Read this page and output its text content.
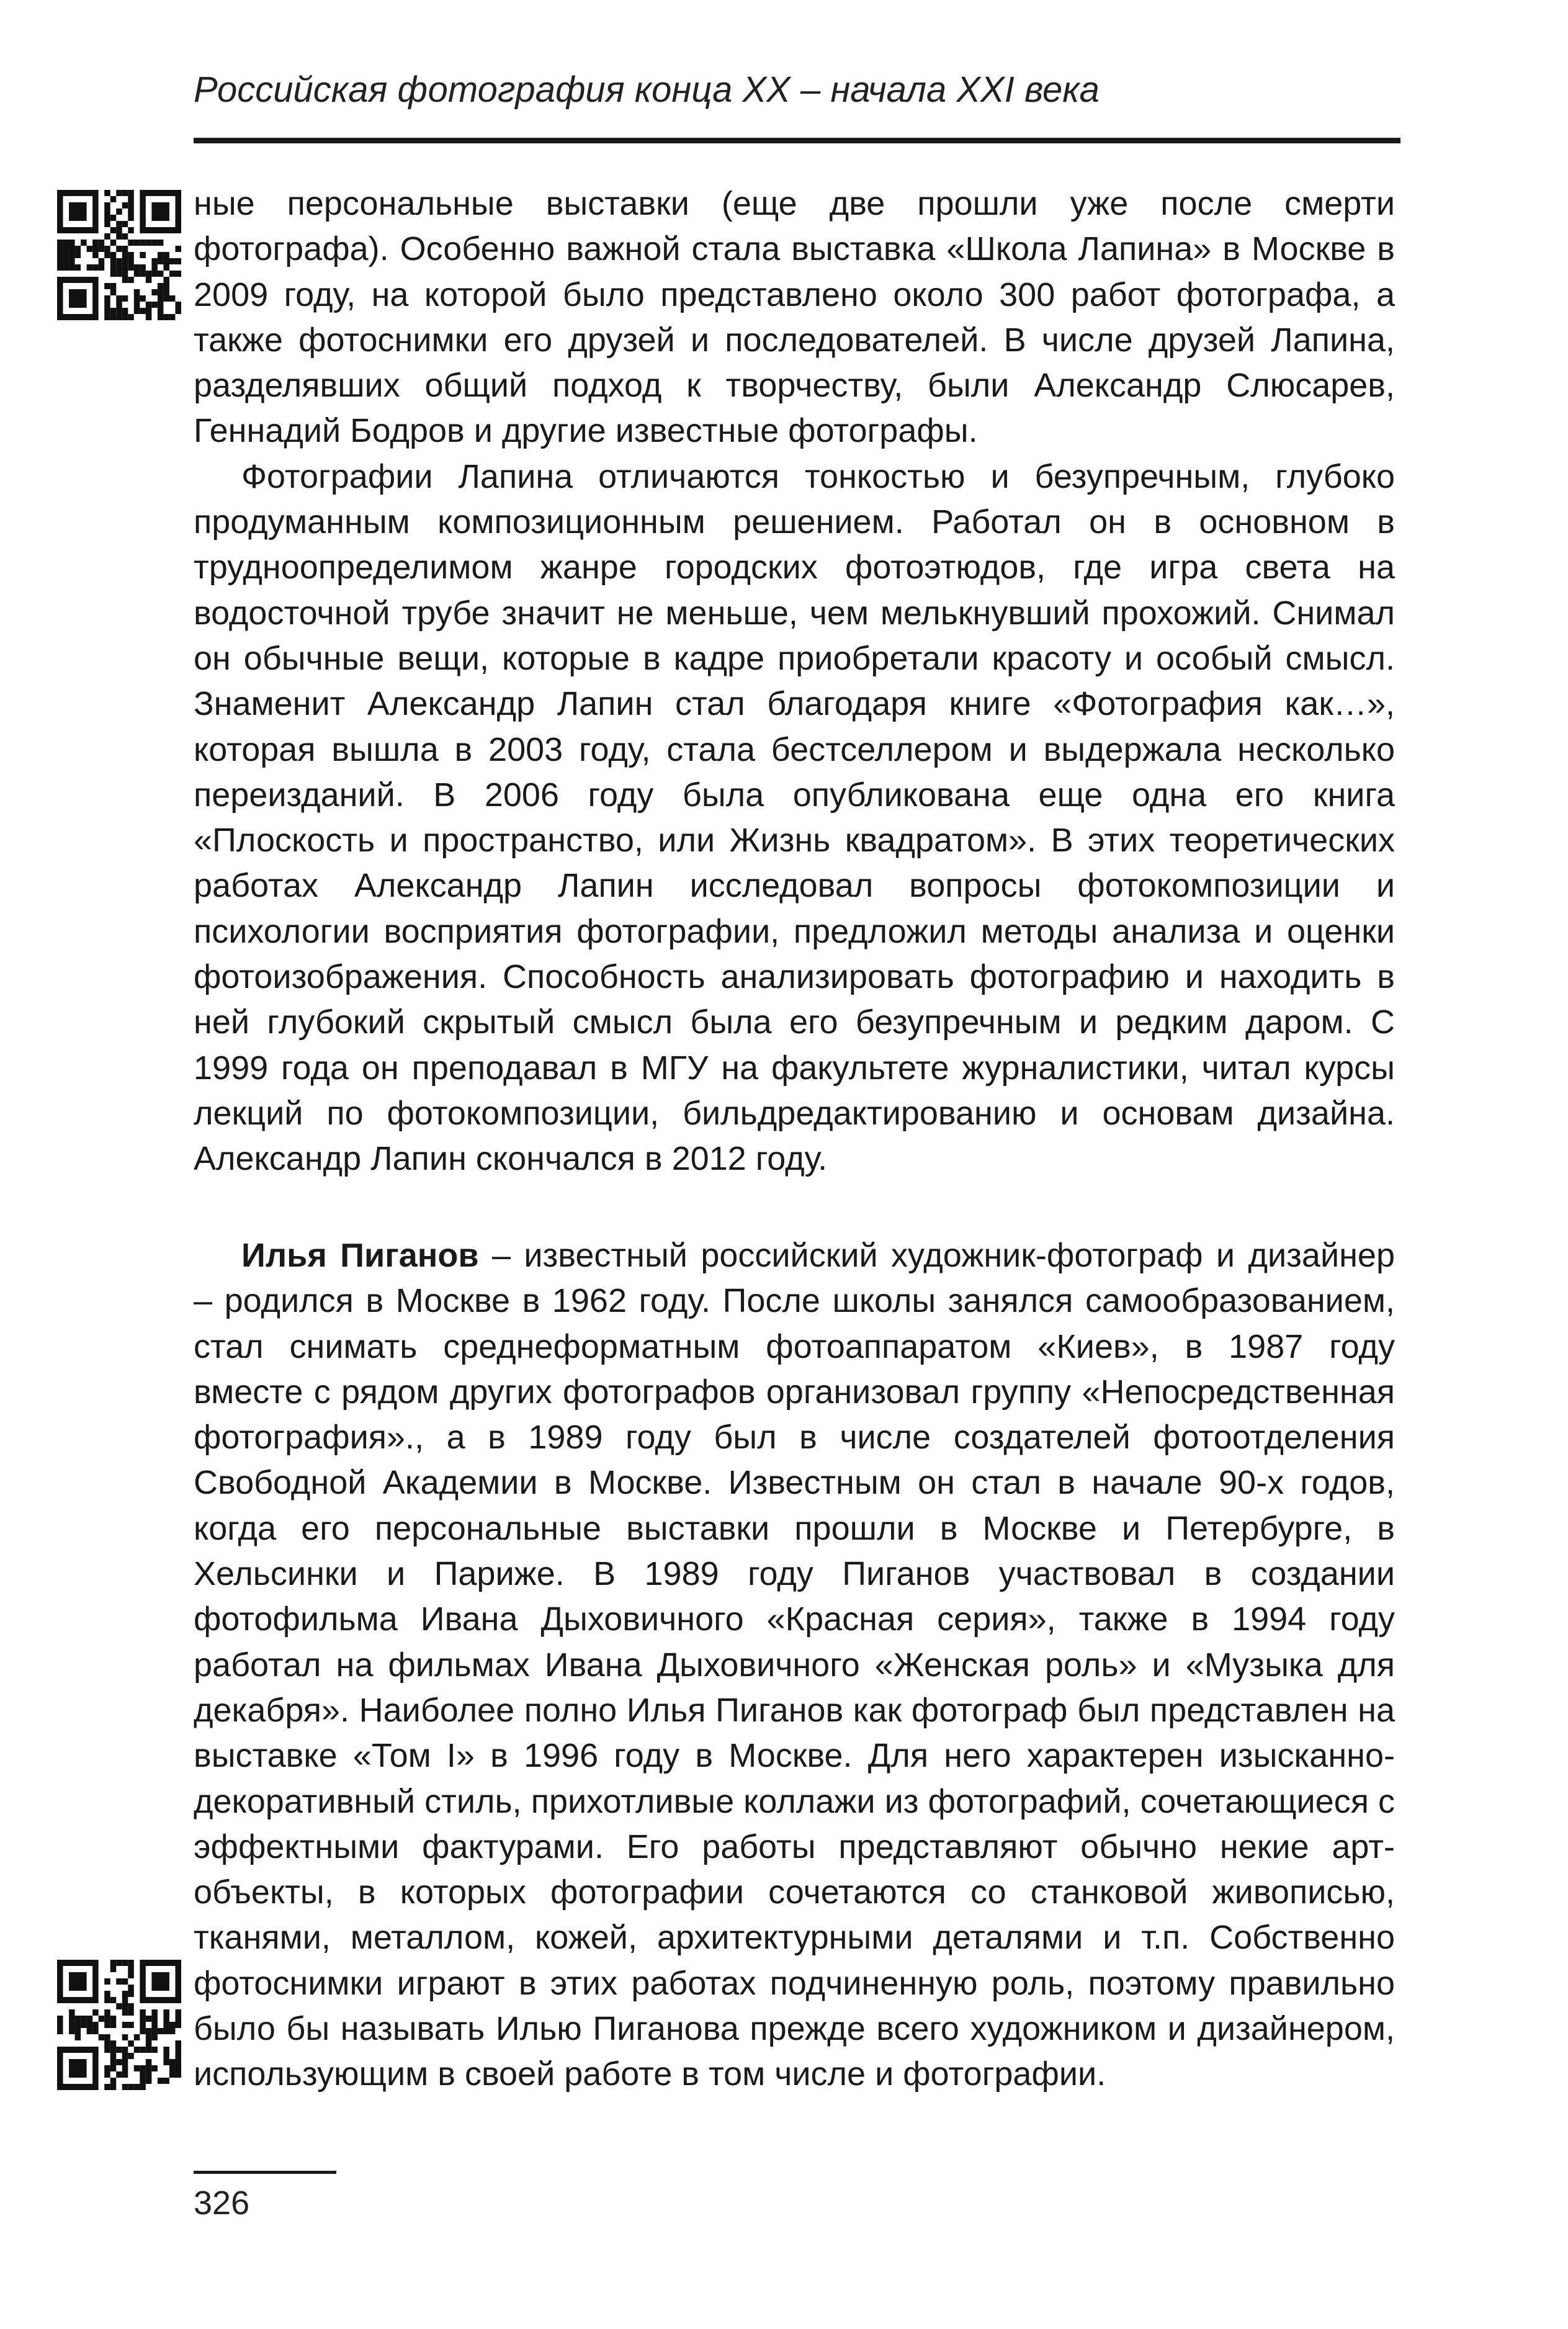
Российская фотография конца XX – начала XXI века

ные персональные выставки (еще две прошли уже после смерти фотографа). Особенно важной стала выставка «Школа Лапина» в Москве в 2009 году, на которой было представлено около 300 работ фотографа, а также фотоснимки его друзей и последователей. В числе друзей Лапина, разделявших общий подход к творчеству, были Александр Слюсарев, Геннадий Бодров и другие известные фотографы.

Фотографии Лапина отличаются тонкостью и безупречным, глубоко продуманным композиционным решением. Работал он в основном в трудноопределимом жанре городских фотоэтюдов, где игра света на водосточной трубе значит не меньше, чем мелькнувший прохожий. Снимал он обычные вещи, которые в кадре приобретали красоту и особый смысл. Знаменит Александр Лапин стал благодаря книге «Фотография как…», которая вышла в 2003 году, стала бестселлером и выдержала несколько переизданий. В 2006 году была опубликована еще одна его книга «Плоскость и пространство, или Жизнь квадратом». В этих теоретических работах Александр Лапин исследовал вопросы фотокомпозиции и психологии восприятия фотографии, предложил методы анализа и оценки фотоизображения. Способность анализировать фотографию и находить в ней глубокий скрытый смысл была его безупречным и редким даром. С 1999 года он преподавал в МГУ на факультете журналистики, читал курсы лекций по фотокомпозиции, бильдредактированию и основам дизайна. Александр Лапин скончался в 2012 году.

Илья Пиганов – известный российский художник-фотограф и дизайнер – родился в Москве в 1962 году. После школы занялся самообразованием, стал снимать среднеформатным фотоаппаратом «Киев», в 1987 году вместе с рядом других фотографов организовал группу «Непосредственная фотография»., а в 1989 году был в числе создателей фотоотделения Свободной Академии в Москве. Известным он стал в начале 90-х годов, когда его персональные выставки прошли в Москве и Петербурге, в Хельсинки и Париже. В 1989 году Пиганов участвовал в создании фотофильма Ивана Дыховичного «Красная серия», также в 1994 году работал на фильмах Ивана Дыховичного «Женская роль» и «Музыка для декабря». Наиболее полно Илья Пиганов как фотограф был представлен на выставке «Том I» в 1996 году в Москве. Для него характерен изысканно-декоративный стиль, прихотливые коллажи из фотографий, сочетающиеся с эффектными фактурами. Его работы представляют обычно некие арт-объекты, в которых фотографии сочетаются со станковой живописью, тканями, металлом, кожей, архитектурными деталями и т.п. Собственно фотоснимки играют в этих работах подчиненную роль, поэтому правильно было бы называть Илью Пиганова прежде всего художником и дизайнером, использующим в своей работе в том числе и фотографии.

326
